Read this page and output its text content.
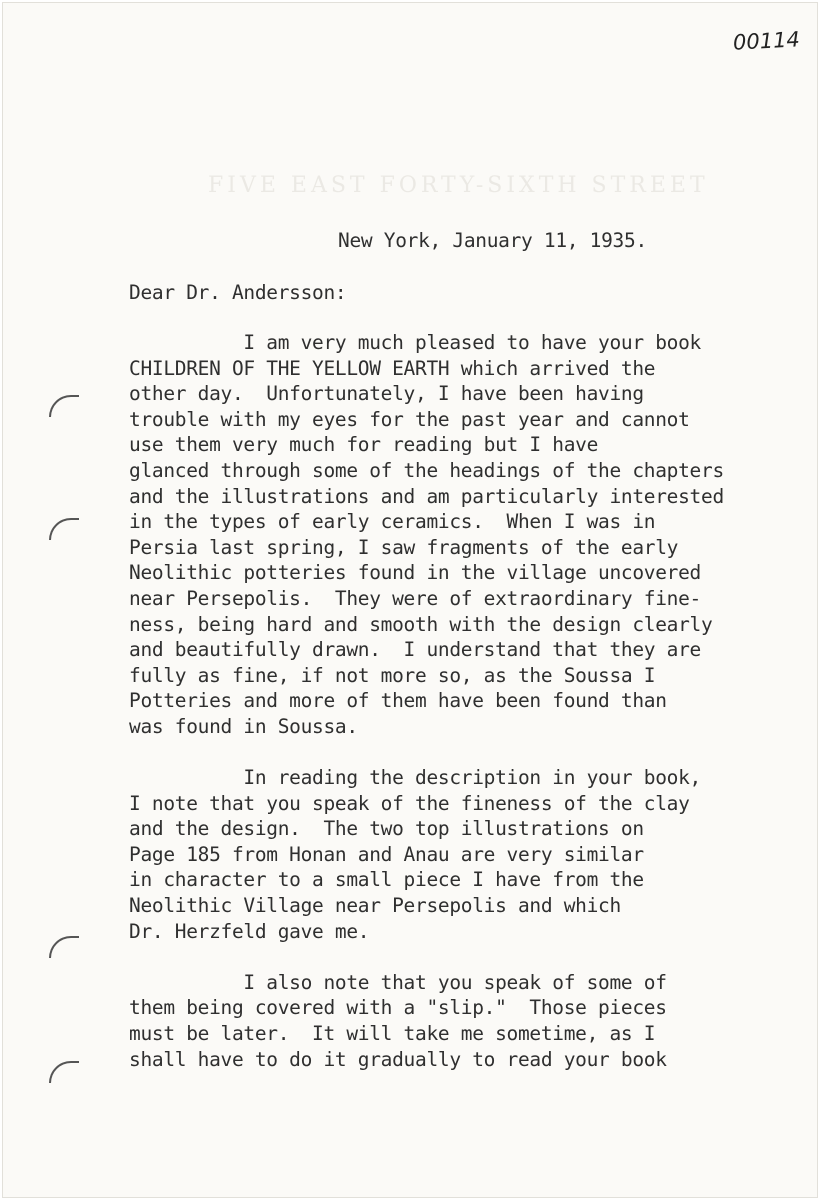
FIVE EAST FORTY-SIXTH STREET
00114
New York, January 11, 1935.
Dear Dr. Andersson:
I am very much pleased to have your book
CHILDREN OF THE YELLOW EARTH which arrived the
other day.  Unfortunately, I have been having
trouble with my eyes for the past year and cannot
use them very much for reading but I have
glanced through some of the headings of the chapters
and the illustrations and am particularly interested
in the types of early ceramics.  When I was in
Persia last spring, I saw fragments of the early
Neolithic potteries found in the village uncovered
near Persepolis.  They were of extraordinary fine-
ness, being hard and smooth with the design clearly
and beautifully drawn.  I understand that they are
fully as fine, if not more so, as the Soussa I
Potteries and more of them have been found than
was found in Soussa.
In reading the description in your book,
I note that you speak of the fineness of the clay
and the design.  The two top illustrations on
Page 185 from Honan and Anau are very similar
in character to a small piece I have from the
Neolithic Village near Persepolis and which
Dr. Herzfeld gave me.
I also note that you speak of some of
them being covered with a "slip."  Those pieces
must be later.  It will take me sometime, as I
shall have to do it gradually to read your book
